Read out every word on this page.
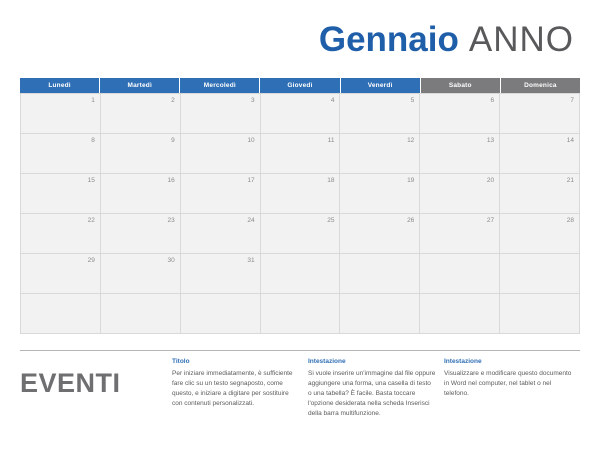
Gennaio ANNO
Lunedì	Martedì	Mercoledì	Giovedì	Venerdì	Sabato	Domenica
1	2	3	4	5	6	7
8	9	10	11	12	13	14
15	16	17	18	19	20	21
22	23	24	25	26	27	28
29	30	31
EVENTI
Titolo
Per iniziare immediatamente, è sufficiente fare clic su un testo segnaposto, come questo, e iniziare a digitare per sostituire con contenuti personalizzati.
Intestazione
Si vuole inserire un'immagine dal file oppure aggiungere una forma, una casella di testo o una tabella? È facile. Basta toccare l'opzione desiderata nella scheda Inserisci della barra multifunzione.
Intestazione
Visualizzare e modificare questo documento in Word nel computer, nel tablet o nel telefono.
